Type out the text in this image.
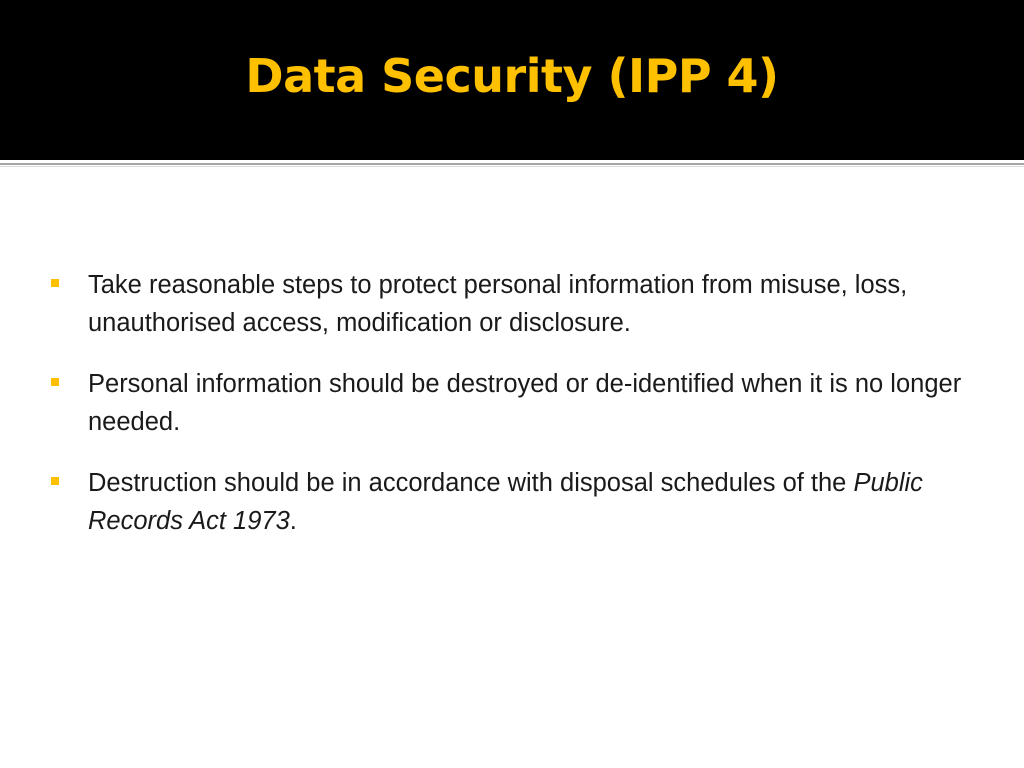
Data Security (IPP 4)
Take reasonable steps to protect personal information from misuse, loss, unauthorised access, modification or disclosure.
Personal information should be destroyed or de-identified when it is no longer needed.
Destruction should be in accordance with disposal schedules of the Public Records Act 1973.
